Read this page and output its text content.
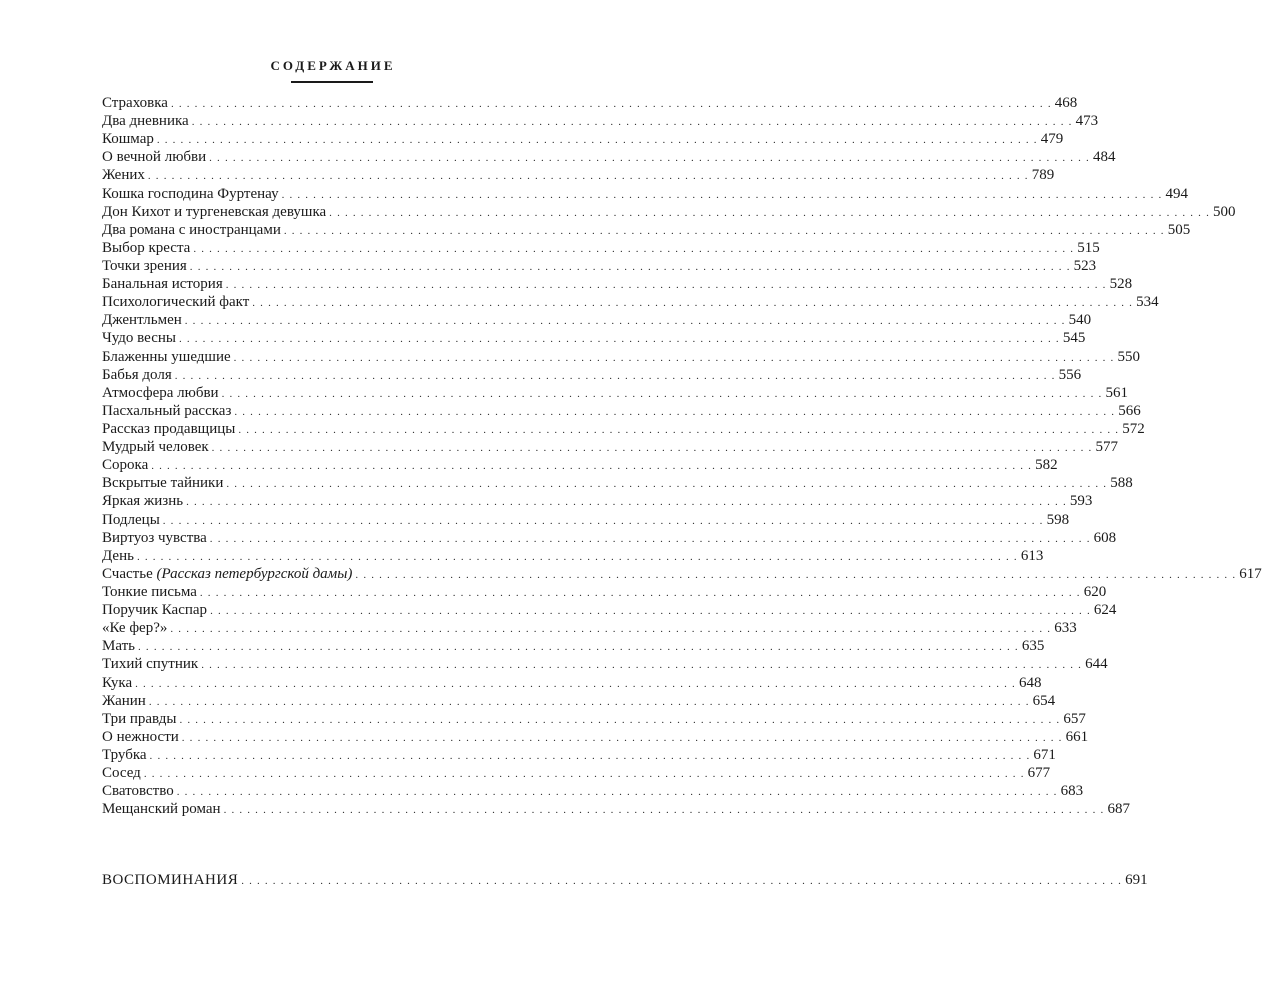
СОДЕРЖАНИЕ
Страховка . . . . . . . . . . . . . . . . . . . . . . . . . . . . . . . . . . . . . . . . . . . . . . . . . . . . . . . . . . . . . . . . . . . . . . . . . . . . . . . . . . . . . . . . . . . . . . . . . . . . . . . . . . . . . . . . 468
Два дневника . . . . . . . . . . . . . . . . . . . . . . . . . . . . . . . . . . . . . . . . . . . . . . . . . . . . . . . . . . . . . . . . . . . . . . . . . . . . . . . . . . . . . . . . . . . . . . . . . . . . . . . . . . . . . . . . 473
Кошмар . . . . . . . . . . . . . . . . . . . . . . . . . . . . . . . . . . . . . . . . . . . . . . . . . . . . . . . . . . . . . . . . . . . . . . . . . . . . . . . . . . . . . . . . . . . . . . . . . . . . . . . . . . . . . . . . 479
О вечной любви . . . . . . . . . . . . . . . . . . . . . . . . . . . . . . . . . . . . . . . . . . . . . . . . . . . . . . . . . . . . . . . . . . . . . . . . . . . . . . . . . . . . . . . . . . . . . . . . . . . . . . . . . . . . . . . . 484
Жених . . . . . . . . . . . . . . . . . . . . . . . . . . . . . . . . . . . . . . . . . . . . . . . . . . . . . . . . . . . . . . . . . . . . . . . . . . . . . . . . . . . . . . . . . . . . . . . . . . . . . . . . . . . . . . . . 789
Кошка господина Фуртенау . . . . . . . . . . . . . . . . . . . . . . . . . . . . . . . . . . . . . . . . . . . . . . . . . . . . . . . . . . . . . . . . . . . . . . . . . . . . . . . . . . . . . . . . . . . . . . . . . . . . . . . . . . . . . . . . 494
Дон Кихот и тургеневская девушка . . . . . . . . . . . . . . . . . . . . . . . . . . . . . . . . . . . . . . . . . . . . . . . . . . . . . . . . . . . . . . . . . . . . . . . . . . . . . . . . . . . . . . . . . . . . . . . . . . . . . . . . . . . . . . . . 500
Два романа с иностранцами . . . . . . . . . . . . . . . . . . . . . . . . . . . . . . . . . . . . . . . . . . . . . . . . . . . . . . . . . . . . . . . . . . . . . . . . . . . . . . . . . . . . . . . . . . . . . . . . . . . . . . . . . . . . . . . . 505
Выбор креста . . . . . . . . . . . . . . . . . . . . . . . . . . . . . . . . . . . . . . . . . . . . . . . . . . . . . . . . . . . . . . . . . . . . . . . . . . . . . . . . . . . . . . . . . . . . . . . . . . . . . . . . . . . . . . . . 515
Точки зрения . . . . . . . . . . . . . . . . . . . . . . . . . . . . . . . . . . . . . . . . . . . . . . . . . . . . . . . . . . . . . . . . . . . . . . . . . . . . . . . . . . . . . . . . . . . . . . . . . . . . . . . . . . . . . . . . 523
Банальная история . . . . . . . . . . . . . . . . . . . . . . . . . . . . . . . . . . . . . . . . . . . . . . . . . . . . . . . . . . . . . . . . . . . . . . . . . . . . . . . . . . . . . . . . . . . . . . . . . . . . . . . . . . . . . . . . 528
Психологический факт . . . . . . . . . . . . . . . . . . . . . . . . . . . . . . . . . . . . . . . . . . . . . . . . . . . . . . . . . . . . . . . . . . . . . . . . . . . . . . . . . . . . . . . . . . . . . . . . . . . . . . . . . . . . . . . . 534
Джентльмен . . . . . . . . . . . . . . . . . . . . . . . . . . . . . . . . . . . . . . . . . . . . . . . . . . . . . . . . . . . . . . . . . . . . . . . . . . . . . . . . . . . . . . . . . . . . . . . . . . . . . . . . . . . . . . . . 540
Чудо весны . . . . . . . . . . . . . . . . . . . . . . . . . . . . . . . . . . . . . . . . . . . . . . . . . . . . . . . . . . . . . . . . . . . . . . . . . . . . . . . . . . . . . . . . . . . . . . . . . . . . . . . . . . . . . . . . 545
Блаженны ушедшие . . . . . . . . . . . . . . . . . . . . . . . . . . . . . . . . . . . . . . . . . . . . . . . . . . . . . . . . . . . . . . . . . . . . . . . . . . . . . . . . . . . . . . . . . . . . . . . . . . . . . . . . . . . . . . . . 550
Бабья доля . . . . . . . . . . . . . . . . . . . . . . . . . . . . . . . . . . . . . . . . . . . . . . . . . . . . . . . . . . . . . . . . . . . . . . . . . . . . . . . . . . . . . . . . . . . . . . . . . . . . . . . . . . . . . . . . 556
Атмосфера любви . . . . . . . . . . . . . . . . . . . . . . . . . . . . . . . . . . . . . . . . . . . . . . . . . . . . . . . . . . . . . . . . . . . . . . . . . . . . . . . . . . . . . . . . . . . . . . . . . . . . . . . . . . . . . . . . 561
Пасхальный рассказ . . . . . . . . . . . . . . . . . . . . . . . . . . . . . . . . . . . . . . . . . . . . . . . . . . . . . . . . . . . . . . . . . . . . . . . . . . . . . . . . . . . . . . . . . . . . . . . . . . . . . . . . . . . . . . . . 566
Рассказ продавщицы . . . . . . . . . . . . . . . . . . . . . . . . . . . . . . . . . . . . . . . . . . . . . . . . . . . . . . . . . . . . . . . . . . . . . . . . . . . . . . . . . . . . . . . . . . . . . . . . . . . . . . . . . . . . . . . . 572
Мудрый человек . . . . . . . . . . . . . . . . . . . . . . . . . . . . . . . . . . . . . . . . . . . . . . . . . . . . . . . . . . . . . . . . . . . . . . . . . . . . . . . . . . . . . . . . . . . . . . . . . . . . . . . . . . . . . . . . 577
Сорока . . . . . . . . . . . . . . . . . . . . . . . . . . . . . . . . . . . . . . . . . . . . . . . . . . . . . . . . . . . . . . . . . . . . . . . . . . . . . . . . . . . . . . . . . . . . . . . . . . . . . . . . . . . . . . . . 582
Вскрытые тайники . . . . . . . . . . . . . . . . . . . . . . . . . . . . . . . . . . . . . . . . . . . . . . . . . . . . . . . . . . . . . . . . . . . . . . . . . . . . . . . . . . . . . . . . . . . . . . . . . . . . . . . . . . . . . . . . 588
Яркая жизнь . . . . . . . . . . . . . . . . . . . . . . . . . . . . . . . . . . . . . . . . . . . . . . . . . . . . . . . . . . . . . . . . . . . . . . . . . . . . . . . . . . . . . . . . . . . . . . . . . . . . . . . . . . . . . . . . 593
Подлецы . . . . . . . . . . . . . . . . . . . . . . . . . . . . . . . . . . . . . . . . . . . . . . . . . . . . . . . . . . . . . . . . . . . . . . . . . . . . . . . . . . . . . . . . . . . . . . . . . . . . . . . . . . . . . . . . 598
Виртуоз чувства . . . . . . . . . . . . . . . . . . . . . . . . . . . . . . . . . . . . . . . . . . . . . . . . . . . . . . . . . . . . . . . . . . . . . . . . . . . . . . . . . . . . . . . . . . . . . . . . . . . . . . . . . . . . . . . . 608
День . . . . . . . . . . . . . . . . . . . . . . . . . . . . . . . . . . . . . . . . . . . . . . . . . . . . . . . . . . . . . . . . . . . . . . . . . . . . . . . . . . . . . . . . . . . . . . . . . . . . . . . . . . . . . . . . 613
Счастье (Рассказ петербургской дамы) . . . . . . . . . . . . . . . . . . . . . . . . . . . . . . . . . . . . . . . . . . . . . . . . . . . . . . . . . . . . . . . . . . . . . . . . . . . . . . . . . . . . . . . . . . . . . . . . . . . . . . . . . . . . . . . . 617
Тонкие письма . . . . . . . . . . . . . . . . . . . . . . . . . . . . . . . . . . . . . . . . . . . . . . . . . . . . . . . . . . . . . . . . . . . . . . . . . . . . . . . . . . . . . . . . . . . . . . . . . . . . . . . . . . . . . . . . 620
Поручик Каспар . . . . . . . . . . . . . . . . . . . . . . . . . . . . . . . . . . . . . . . . . . . . . . . . . . . . . . . . . . . . . . . . . . . . . . . . . . . . . . . . . . . . . . . . . . . . . . . . . . . . . . . . . . . . . . . . 624
«Ке фер?» . . . . . . . . . . . . . . . . . . . . . . . . . . . . . . . . . . . . . . . . . . . . . . . . . . . . . . . . . . . . . . . . . . . . . . . . . . . . . . . . . . . . . . . . . . . . . . . . . . . . . . . . . . . . . . . . 633
Мать . . . . . . . . . . . . . . . . . . . . . . . . . . . . . . . . . . . . . . . . . . . . . . . . . . . . . . . . . . . . . . . . . . . . . . . . . . . . . . . . . . . . . . . . . . . . . . . . . . . . . . . . . . . . . . . . 635
Тихий спутник . . . . . . . . . . . . . . . . . . . . . . . . . . . . . . . . . . . . . . . . . . . . . . . . . . . . . . . . . . . . . . . . . . . . . . . . . . . . . . . . . . . . . . . . . . . . . . . . . . . . . . . . . . . . . . . . 644
Кука . . . . . . . . . . . . . . . . . . . . . . . . . . . . . . . . . . . . . . . . . . . . . . . . . . . . . . . . . . . . . . . . . . . . . . . . . . . . . . . . . . . . . . . . . . . . . . . . . . . . . . . . . . . . . . . . 648
Жанин . . . . . . . . . . . . . . . . . . . . . . . . . . . . . . . . . . . . . . . . . . . . . . . . . . . . . . . . . . . . . . . . . . . . . . . . . . . . . . . . . . . . . . . . . . . . . . . . . . . . . . . . . . . . . . . . 654
Три правды . . . . . . . . . . . . . . . . . . . . . . . . . . . . . . . . . . . . . . . . . . . . . . . . . . . . . . . . . . . . . . . . . . . . . . . . . . . . . . . . . . . . . . . . . . . . . . . . . . . . . . . . . . . . . . . . 657
О нежности . . . . . . . . . . . . . . . . . . . . . . . . . . . . . . . . . . . . . . . . . . . . . . . . . . . . . . . . . . . . . . . . . . . . . . . . . . . . . . . . . . . . . . . . . . . . . . . . . . . . . . . . . . . . . . . . 661
Трубка . . . . . . . . . . . . . . . . . . . . . . . . . . . . . . . . . . . . . . . . . . . . . . . . . . . . . . . . . . . . . . . . . . . . . . . . . . . . . . . . . . . . . . . . . . . . . . . . . . . . . . . . . . . . . . . . 671
Сосед . . . . . . . . . . . . . . . . . . . . . . . . . . . . . . . . . . . . . . . . . . . . . . . . . . . . . . . . . . . . . . . . . . . . . . . . . . . . . . . . . . . . . . . . . . . . . . . . . . . . . . . . . . . . . . . . 677
Сватовство . . . . . . . . . . . . . . . . . . . . . . . . . . . . . . . . . . . . . . . . . . . . . . . . . . . . . . . . . . . . . . . . . . . . . . . . . . . . . . . . . . . . . . . . . . . . . . . . . . . . . . . . . . . . . . . . 683
Мещанский роман . . . . . . . . . . . . . . . . . . . . . . . . . . . . . . . . . . . . . . . . . . . . . . . . . . . . . . . . . . . . . . . . . . . . . . . . . . . . . . . . . . . . . . . . . . . . . . . . . . . . . . . . . . . . . . . . 687
ВОСПОМИНАНИЯ . . . . . . . . . . . . . . . . . . . . . . . . . . . . . . . . . . . . . . . . . . . . . . . . . . . . . . . . . . . . . . . . . . . . . . . . . . . . . . . . . . . . . . . . . . . . . . . . . . . . . . . . . . . . . . . . 691
